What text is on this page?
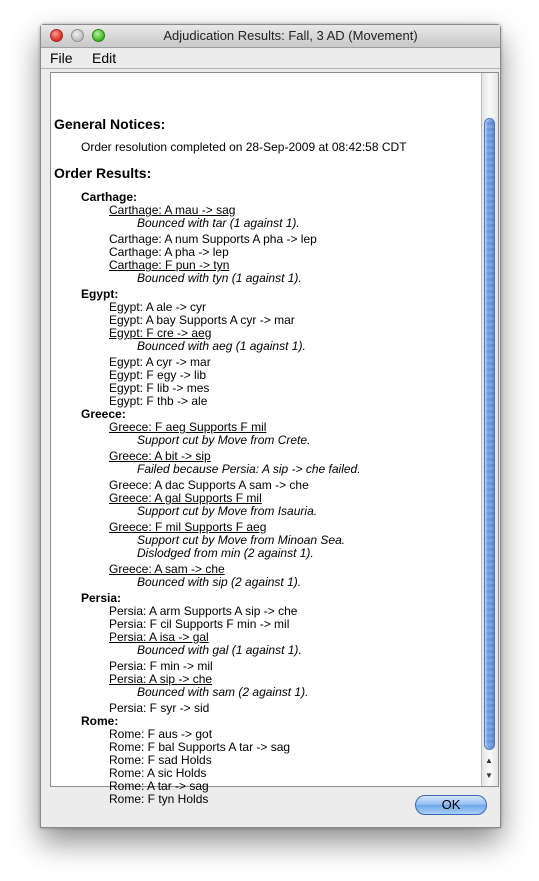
Adjudication Results: Fall, 3 AD (Movement)
File Edit
General Notices:
Order resolution completed on 28-Sep-2009 at 08:42:58 CDT
Order Results:
Carthage:
Carthage: A mau -> sag
Bounced with tar (1 against 1).
Carthage: A num Supports A pha -> lep
Carthage: A pha -> lep
Carthage: F pun -> tyn
Bounced with tyn (1 against 1).
Egypt:
Egypt: A ale -> cyr
Egypt: A bay Supports A cyr -> mar
Egypt: F cre -> aeg
Bounced with aeg (1 against 1).
Egypt: A cyr -> mar
Egypt: F egy -> lib
Egypt: F lib -> mes
Egypt: F thb -> ale
Greece:
Greece: F aeg Supports F mil
Support cut by Move from Crete.
Greece: A bit -> sip
Failed because Persia: A sip -> che failed.
Greece: A dac Supports A sam -> che
Greece: A gal Supports F mil
Support cut by Move from Isauria.
Greece: F mil Supports F aeg
Support cut by Move from Minoan Sea.
Dislodged from min (2 against 1).
Greece: A sam -> che
Bounced with sip (2 against 1).
Persia:
Persia: A arm Supports A sip -> che
Persia: F cil Supports F min -> mil
Persia: A isa -> gal
Bounced with gal (1 against 1).
Persia: F min -> mil
Persia: A sip -> che
Bounced with sam (2 against 1).
Persia: F syr -> sid
Rome:
Rome: F aus -> got
Rome: F bal Supports A tar -> sag
Rome: F sad Holds
Rome: A sic Holds
Rome: A tar -> sag
Rome: F tyn Holds
▲
▼
OK
